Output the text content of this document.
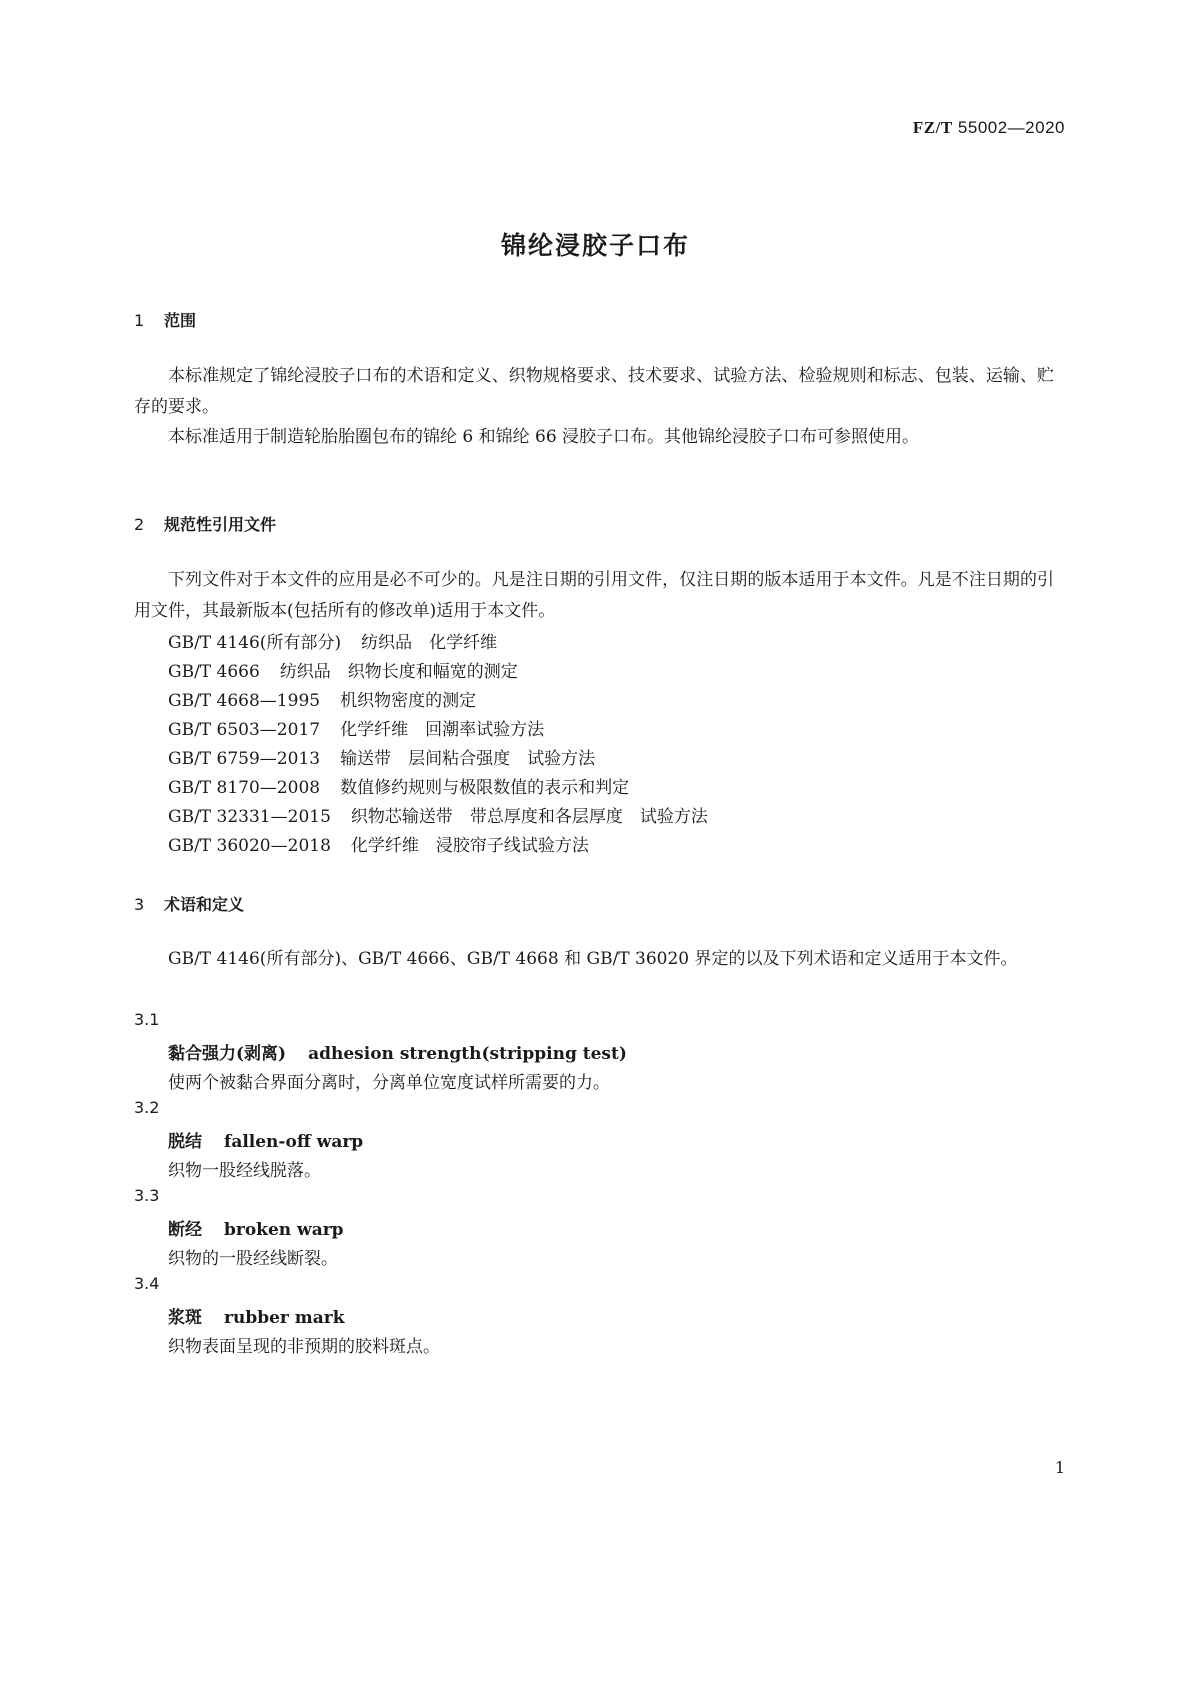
FZ/T 55002—2020
锦纶浸胶子口布
1 范围
本标准规定了锦纶浸胶子口布的术语和定义、织物规格要求、技术要求、试验方法、检验规则和标志、包装、运输、贮存的要求。
本标准适用于制造轮胎胎圈包布的锦纶 6 和锦纶 66 浸胶子口布。其他锦纶浸胶子口布可参照使用。
2 规范性引用文件
下列文件对于本文件的应用是必不可少的。凡是注日期的引用文件，仅注日期的版本适用于本文件。凡是不注日期的引用文件，其最新版本(包括所有的修改单)适用于本文件。
GB/T 4146(所有部分) 纺织品　化学纤维
GB/T 4666 纺织品　织物长度和幅宽的测定
GB/T 4668—1995 机织物密度的测定
GB/T 6503—2017 化学纤维　回潮率试验方法
GB/T 6759—2013 输送带　层间粘合强度　试验方法
GB/T 8170—2008 数值修约规则与极限数值的表示和判定
GB/T 32331—2015 织物芯输送带　带总厚度和各层厚度　试验方法
GB/T 36020—2018 化学纤维　浸胶帘子线试验方法
3 术语和定义
GB/T 4146(所有部分)、GB/T 4666、GB/T 4668 和 GB/T 36020 界定的以及下列术语和定义适用于本文件。
3.1
黏合强力(剥离) adhesion strength(stripping test)
使两个被黏合界面分离时，分离单位宽度试样所需要的力。
3.2
脱结 fallen-off warp
织物一股经线脱落。
3.3
断经 broken warp
织物的一股经线断裂。
3.4
浆斑 rubber mark
织物表面呈现的非预期的胶料斑点。
1
